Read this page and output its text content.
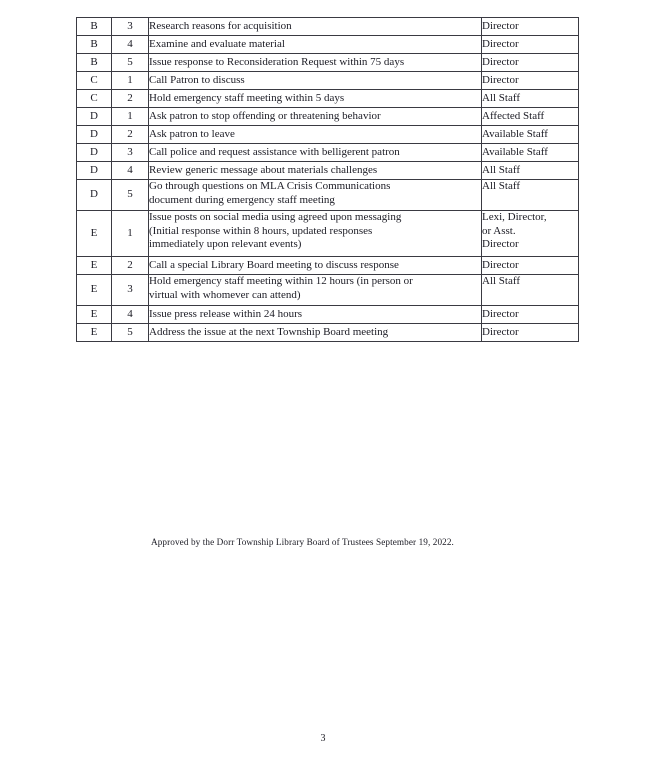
B	3	Research reasons for acquisition	Director

B	4	Examine and evaluate material	Director

B	5	Issue response to Reconsideration Request within 75 days	Director

C	1	Call Patron to discuss	Director

C	2	Hold emergency staff meeting within 5 days	All Staff

D	1	Ask patron to stop offending or threatening behavior	Affected Staff

D	2	Ask patron to leave	Available Staff

D	3	Call police and request assistance with belligerent patron	Available Staff

D	4	Review generic message about materials challenges	All Staff

D	5	Go through questions on MLA Crisis Communications
document during emergency staff meeting	All Staff

E	1	Issue posts on social media using agreed upon messaging
(Initial response within 8 hours, updated responses
immediately upon relevant events)	Lexi, Director,
or Asst.
Director

E	2	Call a special Library Board meeting to discuss response	Director

E	3	Hold emergency staff meeting within 12 hours (in person or
virtual with whomever can attend)	All Staff

E	4	Issue press release within 24 hours	Director

E	5	Address the issue at the next Township Board meeting	Director
Approved by the Dorr Township Library Board of Trustees September 19, 2022.
3
